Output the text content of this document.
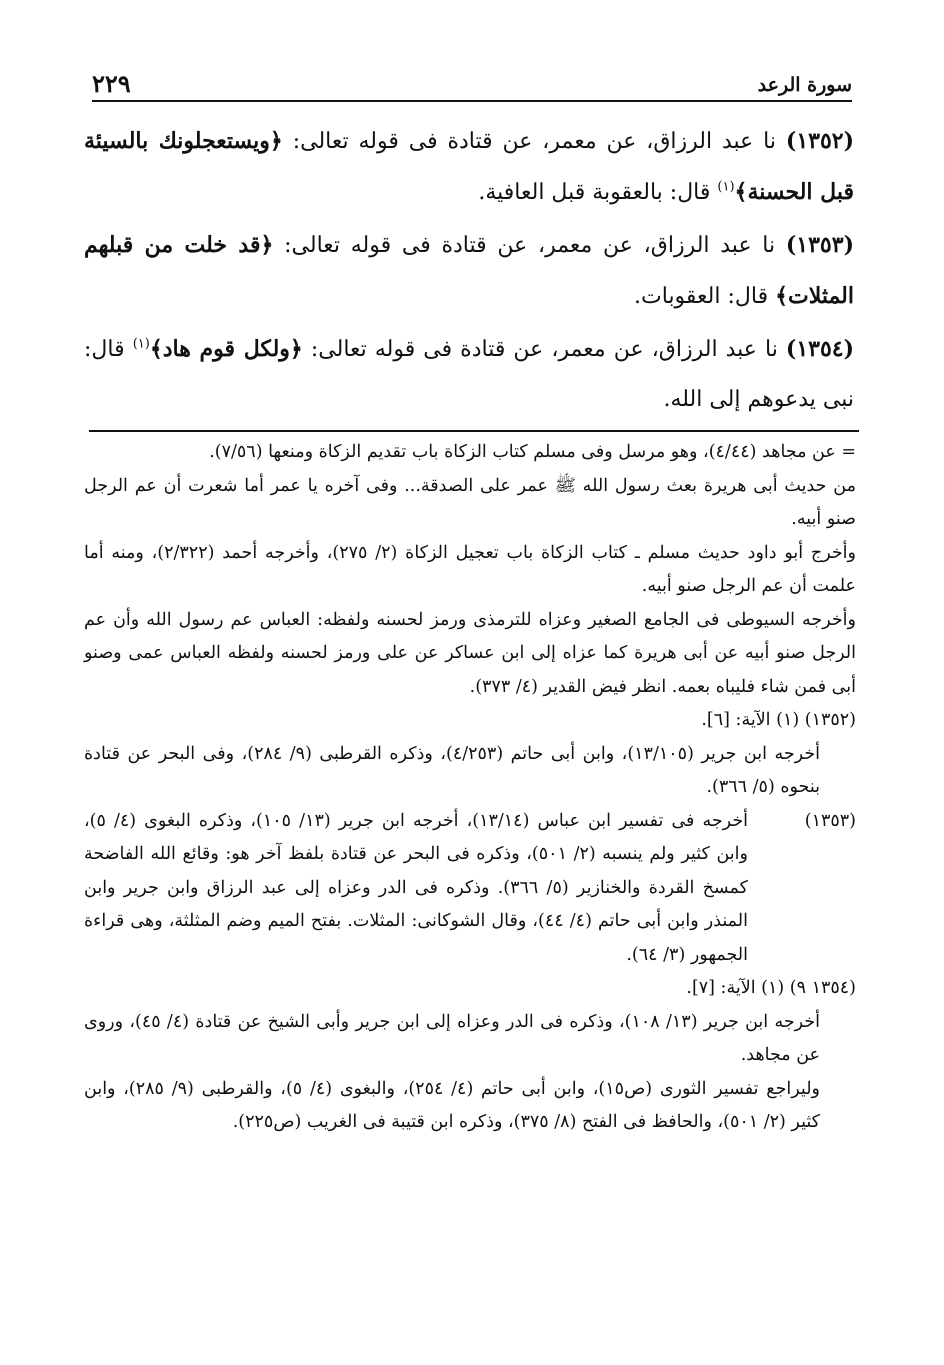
سورة الرعد
٢٢٩

(١٣٥٢) نا عبد الرزاق، عن معمر، عن قتادة فى قوله تعالى: ﴿ويستعجلونك بالسيئة قبل الحسنة﴾$^{(١)}$ قال: بالعقوبة قبل العافية.

(١٣٥٣) نا عبد الرزاق، عن معمر، عن قتادة فى قوله تعالى: ﴿قد خلت من قبلهم المثلات﴾ قال: العقوبات.

(١٣٥٤) نا عبد الرزاق، عن معمر، عن قتادة فى قوله تعالى: ﴿ولكل قوم هاد﴾$^{(١)}$ قال: نبى يدعوهم إلى الله.

= عن مجاهد (٤/٤٤)، وهو مرسل وفى مسلم كتاب الزكاة باب تقديم الزكاة ومنعها (٧/٥٦).

من حديث أبى هريرة بعث رسول الله ﷺ عمر على الصدقة... وفى آخره يا عمر أما شعرت أن عم الرجل صنو أبيه.

وأخرج أبو داود حديث مسلم ـ كتاب الزكاة باب تعجيل الزكاة (٢/ ٢٧٥)، وأخرجه أحمد (٢/٣٢٢)، ومنه أما علمت أن عم الرجل صنو أبيه.

وأخرجه السيوطى فى الجامع الصغير وعزاه للترمذى ورمز لحسنه ولفظه: العباس عم رسول الله وأن عم الرجل صنو أبيه عن أبى هريرة كما عزاه إلى ابن عساكر عن على ورمز لحسنه ولفظه العباس عمى وصنو أبى فمن شاء فليباه بعمه. انظر فيض القدير (٤/ ٣٧٣).

(١٣٥٢) (١) الآية: [٦].

أخرجه ابن جرير (١٣/١٠٥)، وابن أبى حاتم (٤/٢٥٣)، وذكره القرطبى (٩/ ٢٨٤)، وفى البحر عن قتادة بنحوه (٥/ ٣٦٦).

(١٣٥٣)
أخرجه فى تفسير ابن عباس (١٣/١٤)، أخرجه ابن جرير (١٣/ ١٠٥)، وذكره البغوى (٤/ ٥)، وابن كثير ولم ينسبه (٢/ ٥٠١)، وذكره فى البحر عن قتادة بلفظ آخر هو: وقائع الله الفاضحة كمسخ القردة والخنازير (٥/ ٣٦٦). وذكره فى الدر وعزاه إلى عبد الرزاق وابن جرير وابن المنذر وابن أبى حاتم (٤/ ٤٤)، وقال الشوكانى: المثلات. بفتح الميم وضم المثلثة، وهى قراءة الجمهور (٣/ ٦٤).

(١٣٥٤ ٩) (١) الآية: [٧].

أخرجه ابن جرير (١٣/ ١٠٨)، وذكره فى الدر وعزاه إلى ابن جرير وأبى الشيخ عن قتادة (٤/ ٤٥)، وروى عن مجاهد.

وليراجع تفسير الثورى (ص١٥)، وابن أبى حاتم (٤/ ٢٥٤)، والبغوى (٤/ ٥)، والقرطبى (٩/ ٢٨٥)، وابن كثير (٢/ ٥٠١)، والحافظ فى الفتح (٨/ ٣٧٥)، وذكره ابن قتيبة فى الغريب (ص٢٢٥).
